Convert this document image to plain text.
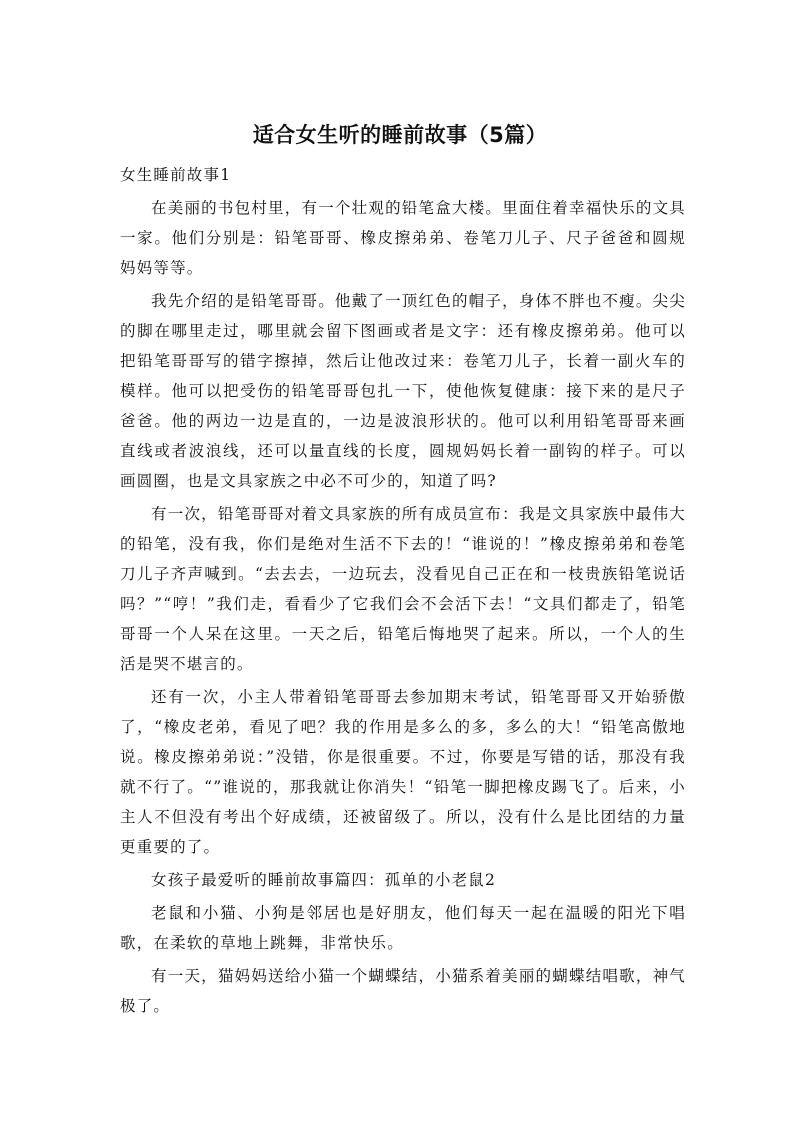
适合女生听的睡前故事（5篇）

女生睡前故事1

在美丽的书包村里，有一个壮观的铅笔盒大楼。里面住着幸福快乐的文具一家。他们分别是：铅笔哥哥、橡皮擦弟弟、卷笔刀儿子、尺子爸爸和圆规妈妈等等。

我先介绍的是铅笔哥哥。他戴了一顶红色的帽子，身体不胖也不瘦。尖尖的脚在哪里走过，哪里就会留下图画或者是文字：还有橡皮擦弟弟。他可以把铅笔哥哥写的错字擦掉，然后让他改过来：卷笔刀儿子，长着一副火车的模样。他可以把受伤的铅笔哥哥包扎一下，使他恢复健康：接下来的是尺子爸爸。他的两边一边是直的，一边是波浪形状的。他可以利用铅笔哥哥来画直线或者波浪线，还可以量直线的长度，圆规妈妈长着一副钩的样子。可以画圆圈，也是文具家族之中必不可少的，知道了吗?

有一次，铅笔哥哥对着文具家族的所有成员宣布：我是文具家族中最伟大的铅笔，没有我，你们是绝对生活不下去的！“谁说的！”橡皮擦弟弟和卷笔刀儿子齐声喊到。“去去去，一边玩去，没看见自己正在和一枝贵族铅笔说话吗？”“哼！”我们走，看看少了它我们会不会活下去！“文具们都走了，铅笔哥哥一个人呆在这里。一天之后，铅笔后悔地哭了起来。所以，一个人的生活是哭不堪言的。

还有一次，小主人带着铅笔哥哥去参加期末考试，铅笔哥哥又开始骄傲了，“橡皮老弟，看见了吧？我的作用是多么的多，多么的大！“铅笔高傲地说。橡皮擦弟弟说：”没错，你是很重要。不过，你要是写错的话，那没有我就不行了。“”谁说的，那我就让你消失！“铅笔一脚把橡皮踢飞了。后来，小主人不但没有考出个好成绩，还被留级了。所以，没有什么是比团结的力量更重要的了。

女孩子最爱听的睡前故事篇四：孤单的小老鼠2

老鼠和小猫、小狗是邻居也是好朋友，他们每天一起在温暖的阳光下唱歌，在柔软的草地上跳舞，非常快乐。

有一天，猫妈妈送给小猫一个蝴蝶结，小猫系着美丽的蝴蝶结唱歌，神气极了。
